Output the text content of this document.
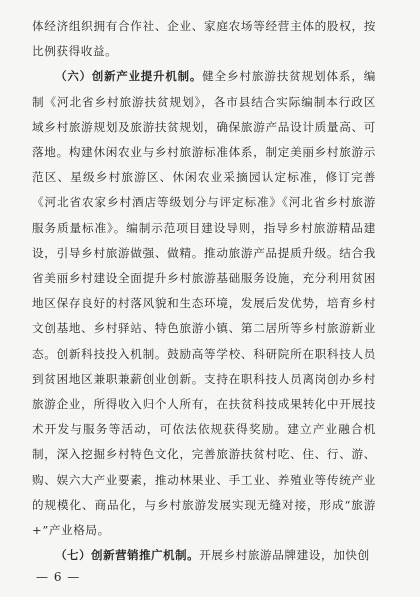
体经济组织拥有合作社、企业、家庭农场等经营主体的股权，按比例获得收益。

（六）创新产业提升机制。健全乡村旅游扶贫规划体系，编制《河北省乡村旅游扶贫规划》，各市县结合实际编制本行政区域乡村旅游规划及旅游扶贫规划，确保旅游产品设计质量高、可落地。构建休闲农业与乡村旅游标准体系，制定美丽乡村旅游示范区、星级乡村旅游区、休闲农业采摘园认定标准，修订完善《河北省农家乡村酒店等级划分与评定标准》《河北省乡村旅游服务质量标准》。编制示范项目建设导则，指导乡村旅游精品建设，引导乡村旅游做强、做精。推动旅游产品提质升级。结合我省美丽乡村建设全面提升乡村旅游基础服务设施，充分利用贫困地区保存良好的村落风貌和生态环境，发展后发优势，培育乡村文创基地、乡村驿站、特色旅游小镇、第二居所等乡村旅游新业态。创新科技投入机制。鼓励高等学校、科研院所在职科技人员到贫困地区兼职兼薪创业创新。支持在职科技人员离岗创办乡村旅游企业，所得收入归个人所有，在扶贫科技成果转化中开展技术开发与服务等活动，可依法依规获得奖励。建立产业融合机制，深入挖掘乡村特色文化，完善旅游扶贫村吃、住、行、游、购、娱六大产业要素，推动林果业、手工业、养殖业等传统产业的规模化、商品化，与乡村旅游发展实现无缝对接，形成“旅游+”产业格局。

（七）创新营销推广机制。开展乡村旅游品牌建设，加快创

— 6 —
